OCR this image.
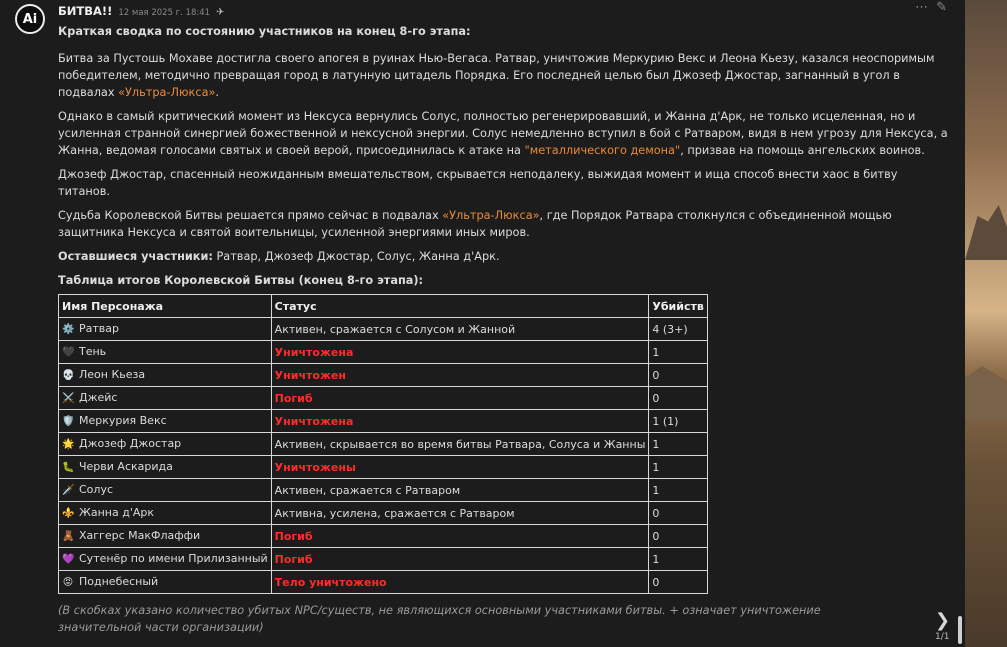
Ai
БИТВА!! 12 мая 2025 г. 18:41 ✈	⋯ ✎

Краткая сводка по состоянию участников на конец 8-го этапа:

Битва за Пустошь Мохаве достигла своего апогея в руинах Нью-Вегаса. Ратвар, уничтожив Меркурию Векс и Леона Кьезу, казался неоспоримым победителем, методично превращая город в латунную цитадель Порядка. Его последней целью был Джозеф Джостар, загнанный в угол в подвалах «Ультра-Люкса».

Однако в самый критический момент из Нексуса вернулись Солус, полностью регенерировавший, и Жанна д'Арк, не только исцеленная, но и усиленная странной синергией божественной и нексусной энергии. Солус немедленно вступил в бой с Ратваром, видя в нем угрозу для Нексуса, а Жанна, ведомая голосами святых и своей верой, присоединилась к атаке на "металлического демона", призвав на помощь ангельских воинов.

Джозеф Джостар, спасенный неожиданным вмешательством, скрывается неподалеку, выжидая момент и ища способ внести хаос в битву титанов.

Судьба Королевской Битвы решается прямо сейчас в подвалах «Ультра-Люкса», где Порядок Ратвара столкнулся с объединенной мощью защитника Нексуса и святой воительницы, усиленной энергиями иных миров.

Оставшиеся участники: Ратвар, Джозеф Джостар, Солус, Жанна д'Арк.

Таблица итогов Королевской Битвы (конец 8-го этапа):

Имя Персонажа	Статус	Убийств
⚙️ Ратвар	Активен, сражается с Солусом и Жанной	4 (3+)
🖤 Тень	Уничтожена	1
💀 Леон Кьеза	Уничтожен	0
⚔️ Джейс	Погиб	0
🛡️ Меркурия Векс	Уничтожена	1 (1)
🌟 Джозеф Джостар	Активен, скрывается во время битвы Ратвара, Солуса и Жанны	1
🐛 Черви Аскарида	Уничтожены	1
🗡️ Солус	Активен, сражается с Ратваром	1
⚜️ Жанна д'Арк	Активна, усилена, сражается с Ратваром	0
🧸 Хаггерс МакФлаффи	Погиб	0
💜 Сутенёр по имени Прилизанный	Погиб	1
😡 Поднебесный	Тело уничтожено	0
(В скобках указано количество убитых NPC/существ, не являющихся основными участниками битвы. + означает уничтожение значительной части организации)	❯
1/1
